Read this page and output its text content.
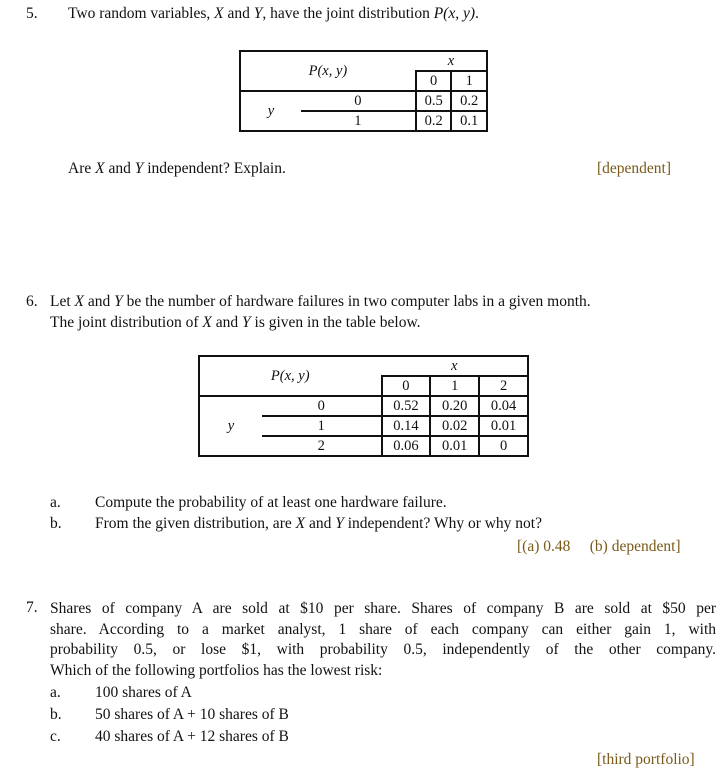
5. Two random variables, X and Y, have the joint distribution P(x, y).
P(x, y)		x	
		0	1
y	0	0.5	0.2
	1	0.2	0.1
Are X and Y independent? Explain.	[dependent]
6. Let X and Y be the number of hardware failures in two computer labs in a given month.
The joint distribution of X and Y is given in the table below.
P(x, y)		x		
		0	1	2
y	0	0.52	0.20	0.04
	1	0.14	0.02	0.01
	2	0.06	0.01	0
a. Compute the probability of at least one hardware failure.
b. From the given distribution, are X and Y independent? Why or why not?
[(a) 0.48     (b) dependent]
7. Shares of company A are sold at $10 per share. Shares of company B are sold at $50 per
share. According to a market analyst, 1 share of each company can either gain 1, with
probability 0.5, or lose $1, with probability 0.5, independently of the other company.
Which of the following portfolios has the lowest risk:
a. 100 shares of A
b. 50 shares of A + 10 shares of B
c. 40 shares of A + 12 shares of B
[third portfolio]
